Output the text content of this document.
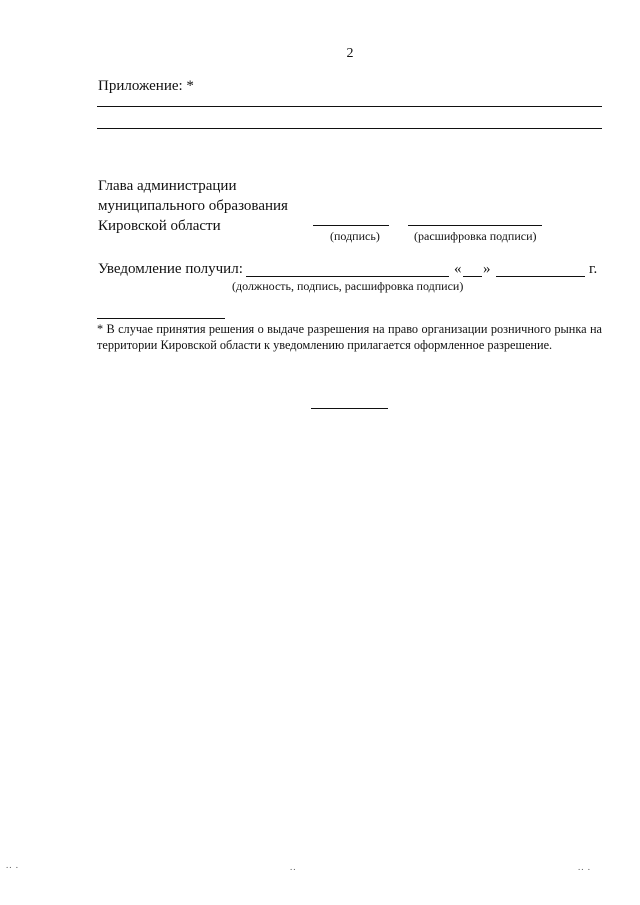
2
Приложение: *
Глава администрации
муниципального образования
Кировской области
(подпись)	(расшифровка подписи)
Уведомление получил:	« »	г.
(должность, подпись, расшифровка подписи)
* В случае принятия решения о выдаче разрешения на право организации розничного рынка на территории Кировской области к уведомлению прилагается оформленное разрешение.
.. .	..	.. .
